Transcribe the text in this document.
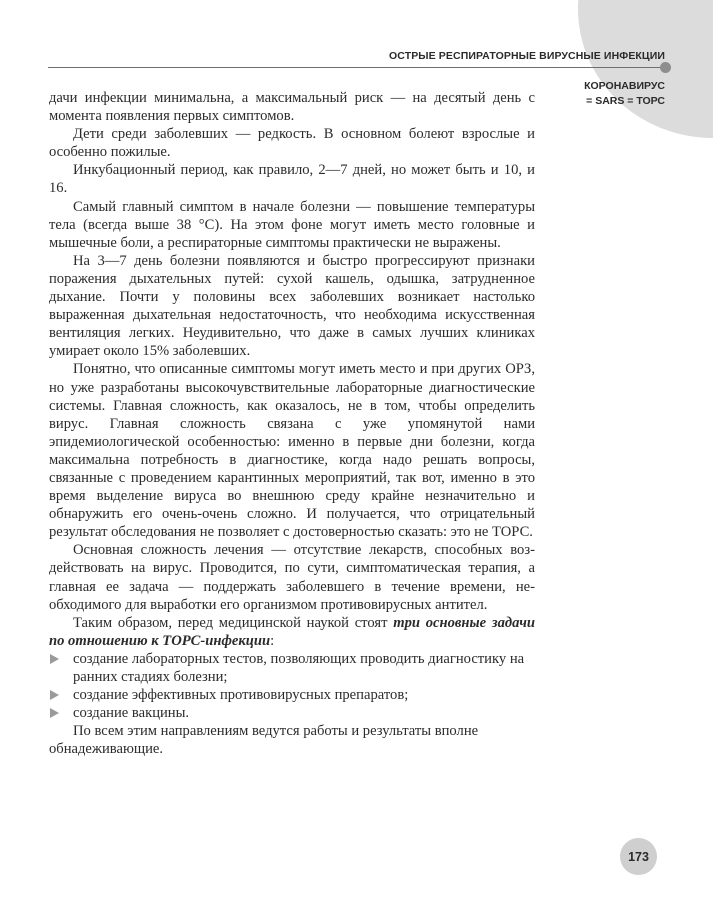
ОСТРЫЕ РЕСПИРАТОРНЫЕ ВИРУСНЫЕ ИНФЕКЦИИ
КОРОНАВИРУС
= SARS = ТОРС

дачи инфекции минимальна, а максимальный риск — на десятый день с момента появления первых симптомов.

Дети среди заболевших — редкость. В основном болеют взрослые и особенно пожилые.

Инкубационный период, как правило, 2—7 дней, но может быть и 10, и 16.

Самый главный симптом в начале болезни — повышение температуры тела (всегда выше 38 °С). На этом фоне могут иметь место головные и мышечные боли, а респираторные симптомы практически не выражены.

На 3—7 день болезни появляются и быстро прогрессируют признаки поражения дыхательных путей: сухой кашель, одышка, затрудненное дыхание. Почти у половины всех заболевших возникает настолько выраженная дыхательная недостаточность, что необходима искусственная вентиляция легких. Неудивительно, что даже в самых лучших клиниках умирает около 15% заболевших.

Понятно, что описанные симптомы могут иметь место и при других ОРЗ, но уже разработаны высокочувствительные лабораторные диагностические системы. Главная сложность, как оказалось, не в том, чтобы определить вирус. Главная сложность связана с уже упомянутой нами эпидемиологической особенностью: именно в первые дни болезни, когда максимальна потребность в диагностике, когда надо решать вопросы, связанные с проведением карантинных мероприятий, так вот, именно в это время выделение вируса во внешнюю среду крайне незначительно и обнаружить его очень-очень сложно. И получается, что отрицательный результат обследования не позволяет с достоверностью сказать: это не ТОРС.

Основная сложность лечения — отсутствие лекарств, способных воздействовать на вирус. Проводится, по сути, симптоматическая терапия, а главная ее задача — поддержать заболевшего в течение времени, необходимого для выработки его организмом противовирусных антител.

Таким образом, перед медицинской наукой стоят три основные задачи по отношению к ТОРС-инфекции:

создание лабораторных тестов, позволяющих проводить диагностику на ранних стадиях болезни;
создание эффективных противовирусных препаратов;
создание вакцины.

По всем этим направлениям ведутся работы и результаты вполне обнадеживающие.

173
